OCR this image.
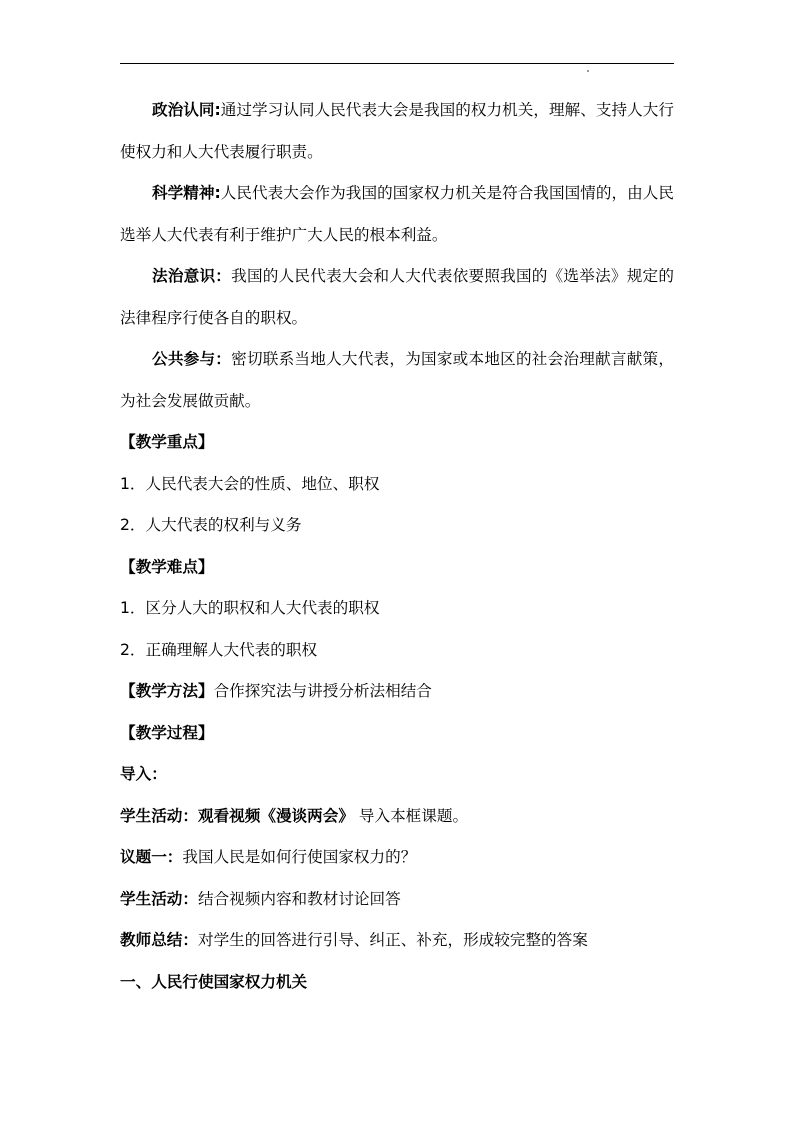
政治认同:通过学习认同人民代表大会是我国的权力机关，理解、支持人大行使权力和人大代表履行职责。

科学精神:人民代表大会作为我国的国家权力机关是符合我国国情的，由人民选举人大代表有利于维护广大人民的根本利益。

法治意识：我国的人民代表大会和人大代表依要照我国的《选举法》规定的法律程序行使各自的职权。

公共参与：密切联系当地人大代表，为国家或本地区的社会治理献言献策，为社会发展做贡献。

【教学重点】

1．人民代表大会的性质、地位、职权

2．人大代表的权利与义务

【教学难点】

1．区分人大的职权和人大代表的职权

2．正确理解人大代表的职权

【教学方法】合作探究法与讲授分析法相结合

【教学过程】

导入：

学生活动：观看视频《漫谈两会》 导入本框课题。

议题一：我国人民是如何行使国家权力的？

学生活动：结合视频内容和教材讨论回答

教师总结：对学生的回答进行引导、纠正、补充，形成较完整的答案

一、人民行使国家权力机关
